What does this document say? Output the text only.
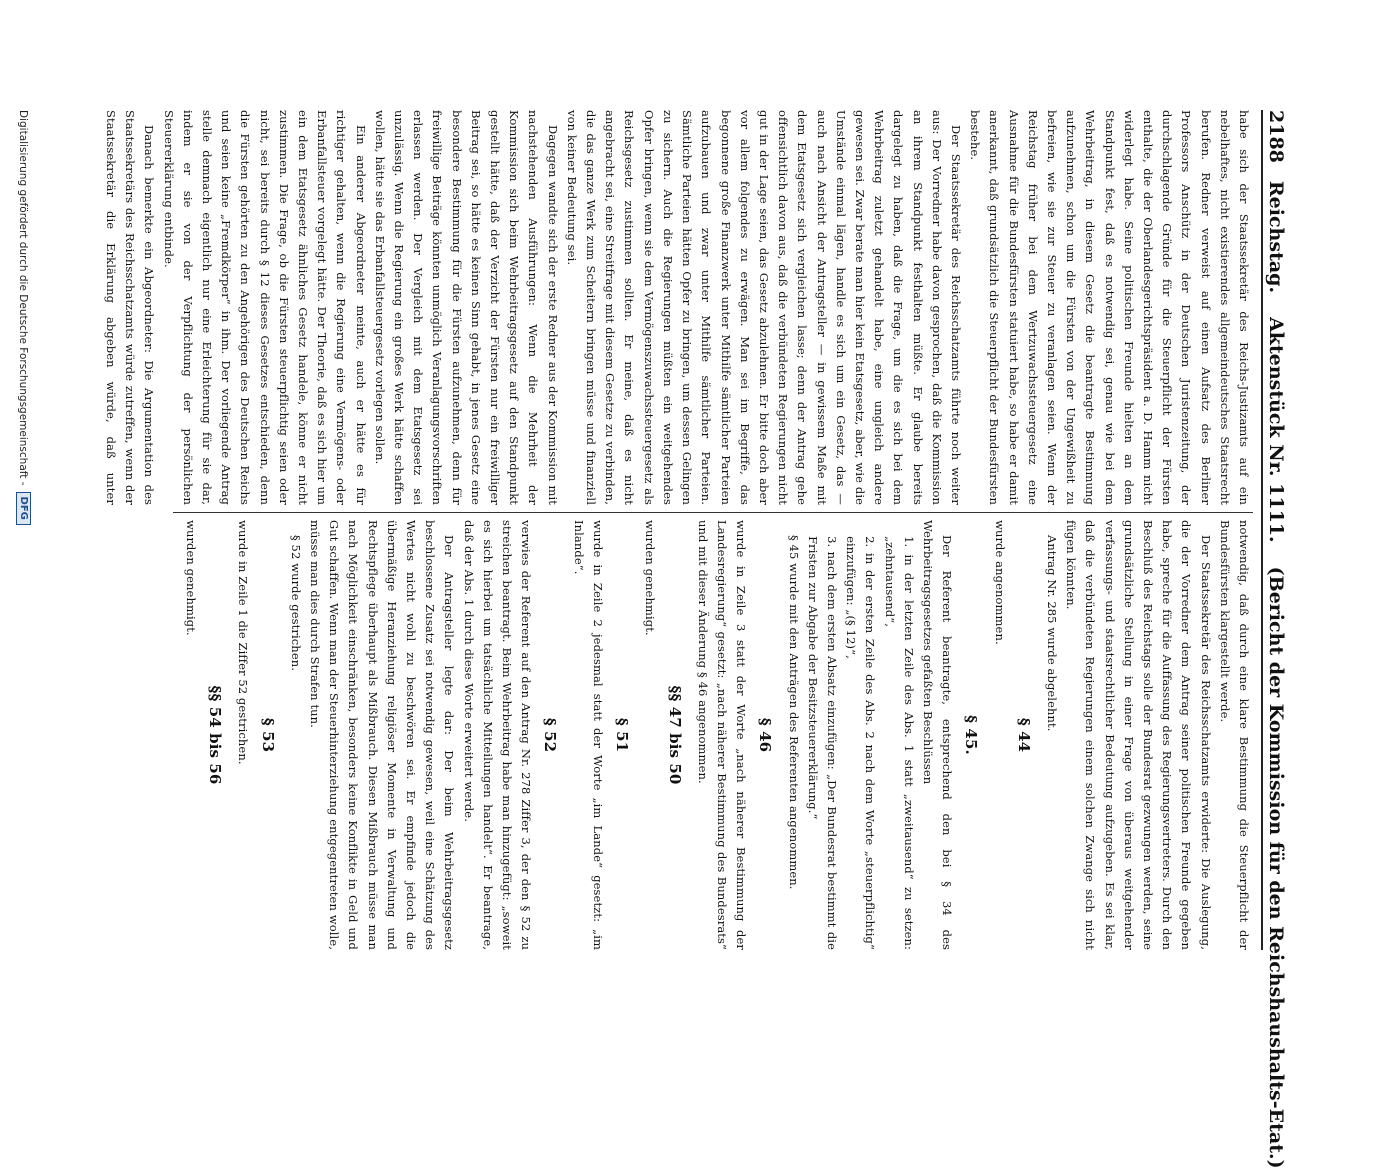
2188
Reichstag.
Aktenstück Nr. 1111.
(Bericht der Kommission für den Reichshaushalts-Etat.)

habe sich der Staatssekretär des Reichs-Justizamts auf ein nebelhaftes, nicht existierendes allgemeindeutsches Staatsrecht berufen. Redner verweist auf einen Aufsatz des Berliner Professors Anschütz in der Deutschen Juristenzeitung, der durchschlagende Gründe für die Steuerpflicht der Fürsten enthalte, die der Oberlandesgerichtspräsident a. D. Hamm nicht widerlegt habe. Seine politischen Freunde hielten an dem Standpunkt fest, daß es notwendig sei, genau wie bei dem Wehrbeitrag, in diesem Gesetz die beantragte Bestimmung aufzunehmen, schon um die Fürsten von der Ungewißheit zu befreien, wie sie zur Steuer zu veranlagen seien. Wenn der Reichstag früher bei dem Wertzuwachssteuergesetz eine Ausnahme für die Bundesfürsten statuiert habe, so habe er damit anerkannt, daß grundsätzlich die Steuerpflicht der Bundesfürsten bestehe.

Der Staatssekretär des Reichsschatzamts führte noch weiter aus: Der Vorredner habe davon gesprochen, daß die Kommission an ihrem Standpunkt festhalten müßte. Er glaube bereits dargelegt zu haben, daß die Frage, um die es sich bei dem Wehrbeitrag zuletzt gehandelt habe, eine ungleich andere gewesen sei. Zwar berate man hier kein Etatsgesetz, aber, wie die Umstände einmal lägen, handle es sich um ein Gesetz, das — auch nach Ansicht der Antragsteller — in gewissem Maße mit dem Etatsgesetz sich vergleichen lasse; denn der Antrag gehe offensichtlich davon aus, daß die verbündeten Regierungen nicht gut in der Lage seien, das Gesetz abzulehnen. Er bitte doch aber vor allem folgendes zu erwägen. Man sei im Begriffe, das begonnene große Finanzwerk unter Mithilfe sämtlicher Parteien aufzubauen und zwar unter Mithilfe sämtlicher Parteien. Sämtliche Parteien hätten Opfer zu bringen, um dessen Gelingen zu sichern. Auch die Regierungen müßten ein weitgehendes Opfer bringen, wenn sie dem Vermögenszuwachssteuergesetz als Reichsgesetz zustimmen sollten. Er meine, daß es nicht angebracht sei, eine Streitfrage mit diesem Gesetze zu verbinden, die das ganze Werk zum Scheitern bringen müsse und finanziell von keiner Bedeutung sei.

Dagegen wandte sich der erste Redner aus der Kommission mit nachstehenden Ausführungen: Wenn die Mehrheit der Kommission sich beim Wehrbeitragsgesetz auf den Standpunkt gestellt hätte, daß der Verzicht der Fürsten nur ein freiwilliger Beitrag sei, so hätte es keinen Sinn gehabt, in jenes Gesetz eine besondere Bestimmung für die Fürsten aufzunehmen, denn für freiwillige Beiträge könnten unmöglich Veranlagungsvorschriften erlassen werden. Der Vergleich mit dem Etatsgesetz sei unzulässig. Wenn die Regierung ein großes Werk hätte schaffen wollen, hätte sie das Erbanfallsteuergesetz vorlegen sollen.

Ein anderer Abgeordneter meinte, auch er hätte es für richtiger gehalten, wenn die Regierung eine Vermögens- oder Erbanfallsteuer vorgelegt hätte. Der Theorie, daß es sich hier um ein dem Etatsgesetz ähnliches Gesetz handele, könne er nicht zustimmen. Die Frage, ob die Fürsten steuerpflichtig seien oder nicht, sei bereits durch § 12 dieses Gesetzes entschieden, denn die Fürsten gehörten zu den Angehörigen des Deutschen Reichs und seien keine „Fremdkörper“ in ihm. Der vorliegende Antrag stelle demnach eigentlich nur eine Erleichterung für sie dar, indem er sie von der Verpflichtung der persönlichen Steuererklärung entbinde.

Danach bemerkte ein Abgeordneter: Die Argumentation des Staatssekretärs des Reichsschatzamts würde zutreffen, wenn der Staatssekretär die Erklärung abgeben würde, daß unter

notwendig, daß durch eine klare Bestimmung die Steuerpflicht der Bundesfürsten klargestellt werde.

Der Staatssekretär des Reichsschatzamts erwiderte: Die Auslegung, die der Vorredner dem Antrag seiner politischen Freunde gegeben habe, spreche für die Auffassung des Regierungsvertreters. Durch den Beschluß des Reichstags solle der Bundesrat gezwungen werden, seine grundsätzliche Stellung in einer Frage von überaus weitgehender verfassungs- und staatsrechtlicher Bedeutung aufzugeben. Es sei klar, daß die verbündeten Regierungen einem solchen Zwange sich nicht fügen könnten.

Antrag Nr. 285 wurde abgelehnt.

§ 44

wurde angenommen.

§ 45.

Der Referent beantragte, entsprechend den bei § 34 des Wehrbeitragsgesetzes gefaßten Beschlüssen

1. in der letzten Zeile des Abs. 1 statt „zweitausend“ zu setzen: „zehntausend“,

2. in der ersten Zeile des Abs. 2 nach dem Worte „steuerpflichtig“ einzufügen: „(§ 12)“,

3. nach dem ersten Absatz einzufügen: „Der Bundesrat bestimmt die Fristen zur Abgabe der Besitzsteuererklärung.“

§ 45 wurde mit den Anträgen des Referenten angenommen.

§ 46

wurde in Zeile 3 statt der Worte „nach näherer Bestimmung der Landesregierung“ gesetzt: „nach näherer Bestimmung des Bundesrats“ und mit dieser Änderung § 46 angenommen.

§§ 47 bis 50

wurden genehmigt.

§ 51

wurde in Zeile 2 jedesmal statt der Worte „im Lande“ gesetzt: „im Inlande“.

§ 52

verwies der Referent auf den Antrag Nr. 278 Ziffer 3, der den § 52 zu streichen beantragt. Beim Wehrbeitrag habe man hinzugefügt: „soweit es sich hierbei um tatsächliche Mitteilungen handelt“. Er beantrage, daß der Abs. 1 durch diese Worte erweitert werde.

Der Antragsteller legte dar: Der beim Wehrbeitragsgesetz beschlossene Zusatz sei notwendig gewesen, weil eine Schätzung des Wertes nicht wohl zu beschwören sei. Er empfinde jedoch die übermäßige Heranziehung religiöser Momente in Verwaltung und Rechtspflege überhaupt als Mißbrauch. Diesen Mißbrauch müsse man nach Möglichkeit einschränken, besonders keine Konflikte in Geld und Gut schaffen. Wenn man der Steuerhinterziehung entgegentreten wolle, müsse man dies durch Strafen tun.

§ 52 wurde gestrichen.

§ 53

wurde in Zeile 1 die Ziffer 52 gestrichen.

§§ 54 bis 56

wurden genehmigt.

Digitalisierung gefördert durch die Deutsche Forschungsgemeinschaft -
DFG
